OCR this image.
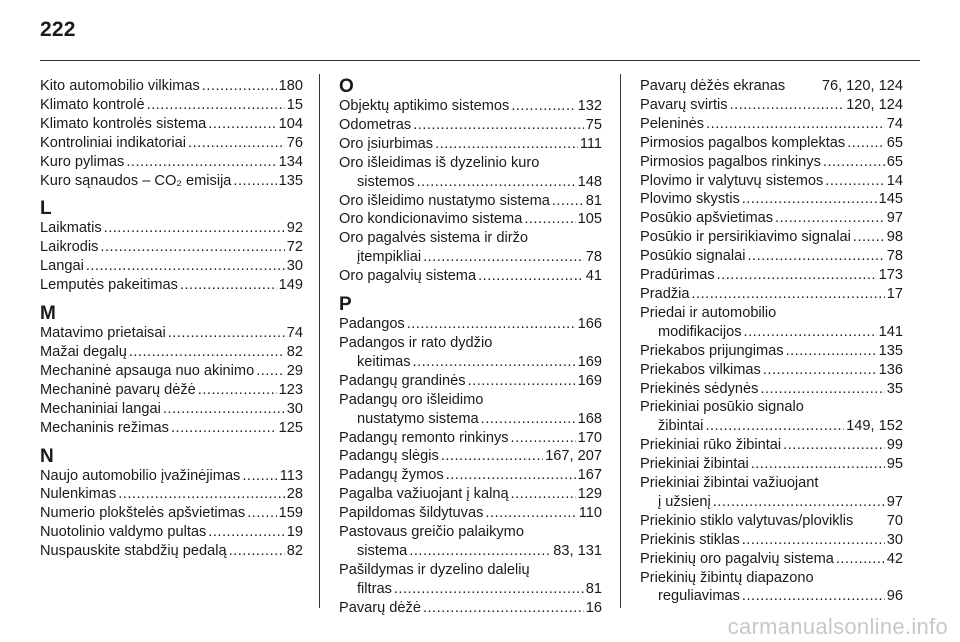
222
Kito automobilio vilkimas .....	180
Klimato kontrolė .....	15
Klimato kontrolės sistema .....	104
Kontroliniai indikatoriai .....	76
Kuro pylimas .....	134
Kuro sąnaudos – CO₂ emisija .....	135
L
Laikmatis .....	92
Laikrodis .....	72
Langai .....	30
Lemputės pakeitimas .....	149
M
Matavimo prietaisai .....	74
Mažai degalų .....	82
Mechaninė apsauga nuo akinimo ..... 29
Mechaninė pavarų dėžė .....	123
Mechaniniai langai .....	30
Mechaninis režimas .....	125
N
Naujo automobilio įvažinėjimas .....	113
Nulenkimas .....	28
Numerio plokštelės apšvietimas ..... 159
Nuotolinio valdymo pultas .....	19
Nuspauskite stabdžių pedalą .....	82
O
Objektų aptikimo sistemos .....	132
Odometras .....	75
Oro įsiurbimas .....	111
Oro išleidimas iš dyzelinio kuro
sistemos .....	148
Oro išleidimo nustatymo sistema ..... 81
Oro kondicionavimo sistema .....	105
Oro pagalvės sistema ir diržo
įtempikliai .....	78
Oro pagalvių sistema .....	41
P
Padangos .....	166
Padangos ir rato dydžio
keitimas .....	169
Padangų grandinės .....	169
Padangų oro išleidimo
nustatymo sistema .....	168
Padangų remonto rinkinys .....	170
Padangų slėgis .....	167, 207
Padangų žymos .....	167
Pagalba važiuojant į kalną .....	129
Papildomas šildytuvas .....	110
Pastovaus greičio palaikymo
sistema .....	83, 131
Pašildymas ir dyzelino dalelių
filtras .....	81
Pavarų dėžė .....	16
Pavarų dėžės ekranas	76, 120, 124
Pavarų svirtis .....	120, 124
Peleninės .....	74
Pirmosios pagalbos komplektas .....	65
Pirmosios pagalbos rinkinys .....	65
Plovimo ir valytuvų sistemos .....	14
Plovimo skystis .....	145
Posūkio apšvietimas .....	97
Posūkio ir persirikiavimo signalai ..... 98
Posūkio signalai .....	78
Pradūrimas .....	173
Pradžia .....	17
Priedai ir automobilio
modifikacijos .....	141
Priekabos prijungimas .....	135
Priekabos vilkimas .....	136
Priekinės sėdynės .....	35
Priekiniai posūkio signalo
žibintai .....	149, 152
Priekiniai rūko žibintai .....	99
Priekiniai žibintai .....	95
Priekiniai žibintai važiuojant
į užsienį .....	97
Priekinio stiklo valytuvas/ploviklis 70
Priekinis stiklas .....	30
Priekinių oro pagalvių sistema .....	42
Priekinių žibintų diapazono
reguliavimas .....	96
carmanualsonline.info
